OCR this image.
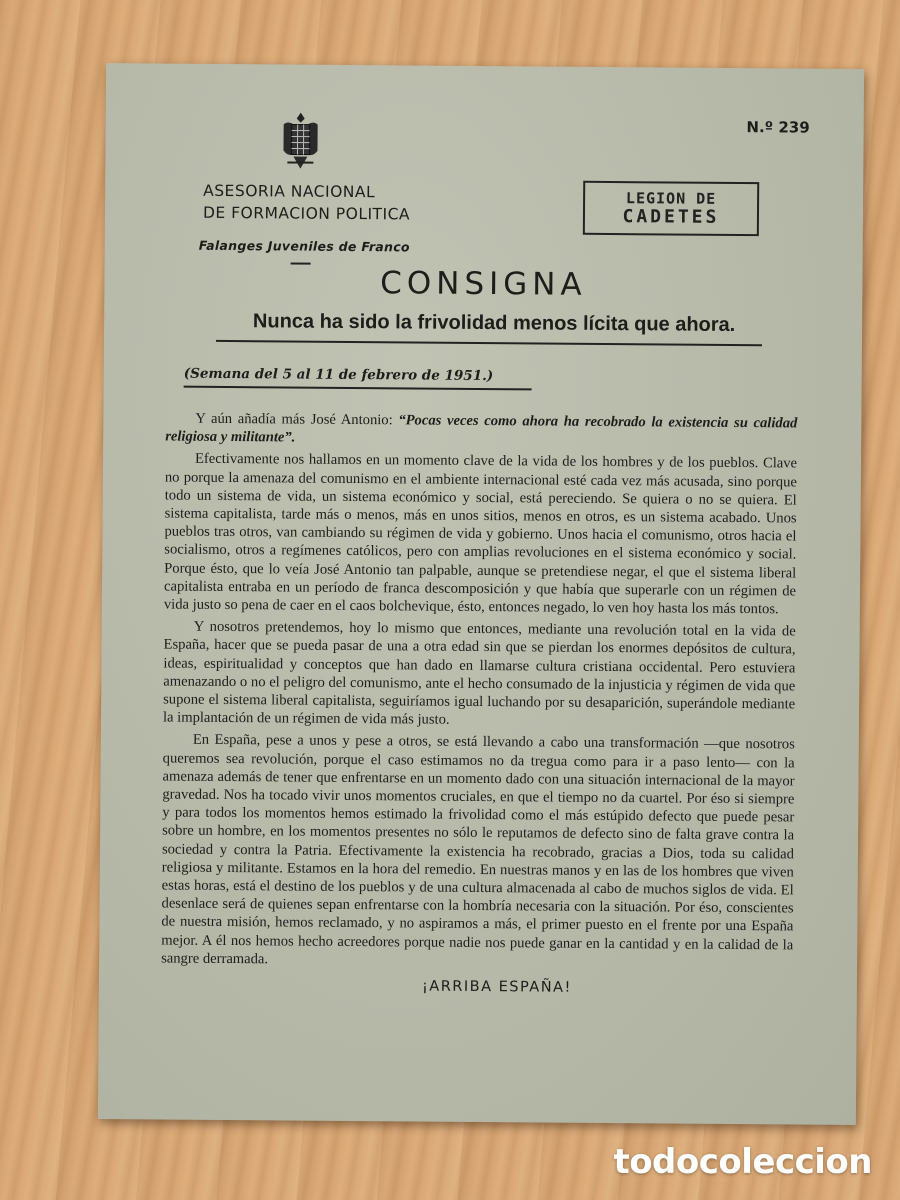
N.º 239
ASESORIA NACIONAL
DE FORMACION POLITICA
Falanges Juveniles de Franco
LEGION DE
CADETES
CONSIGNA
Nunca ha sido la frivolidad menos lícita que ahora.
(Semana del 5 al 11 de febrero de 1951.)

Y aún añadía más José Antonio: “Pocas veces como ahora ha recobrado la existencia su calidad religiosa y militante”.

Efectivamente nos hallamos en un momento clave de la vida de los hombres y de los pueblos. Clave no porque la amenaza del comunismo en el ambiente internacional esté cada vez más acusada, sino porque todo un sistema de vida, un sistema económico y social, está pereciendo. Se quiera o no se quiera. El sistema capitalista, tarde más o menos, más en unos sitios, menos en otros, es un sistema acabado. Unos pueblos tras otros, van cambiando su régimen de vida y gobierno. Unos hacia el comunismo, otros hacia el socialismo, otros a regímenes católicos, pero con amplias revoluciones en el sistema económico y social. Porque ésto, que lo veía José Antonio tan palpable, aunque se pretendiese negar, el que el sistema liberal capitalista entraba en un período de franca descomposición y que había que superarle con un régimen de vida justo so pena de caer en el caos bolchevique, ésto, entonces negado, lo ven hoy hasta los más tontos.

Y nosotros pretendemos, hoy lo mismo que entonces, mediante una revolución total en la vida de España, hacer que se pueda pasar de una a otra edad sin que se pierdan los enormes depósitos de cultura, ideas, espiritualidad y conceptos que han dado en llamarse cultura cristiana occidental. Pero estuviera amenazando o no el peligro del comunismo, ante el hecho consumado de la injusticia y régimen de vida que supone el sistema liberal capitalista, seguiríamos igual luchando por su desaparición, superándole mediante la implantación de un régimen de vida más justo.

En España, pese a unos y pese a otros, se está llevando a cabo una transformación —que nosotros queremos sea revolución, porque el caso estimamos no da tregua como para ir a paso lento— con la amenaza además de tener que enfrentarse en un momento dado con una situación internacional de la mayor gravedad. Nos ha tocado vivir unos momentos cruciales, en que el tiempo no da cuartel. Por éso si siempre y para todos los momentos hemos estimado la frivolidad como el más estúpido defecto que puede pesar sobre un hombre, en los momentos presentes no sólo le reputamos de defecto sino de falta grave contra la sociedad y contra la Patria. Efectivamente la existencia ha recobrado, gracias a Dios, toda su calidad religiosa y militante. Estamos en la hora del remedio. En nuestras manos y en las de los hombres que viven estas horas, está el destino de los pueblos y de una cultura almacenada al cabo de muchos siglos de vida. El desenlace será de quienes sepan enfrentarse con la hombría necesaria con la situación. Por éso, conscientes de nuestra misión, hemos reclamado, y no aspiramos a más, el primer puesto en el frente por una España mejor. A él nos hemos hecho acreedores porque nadie nos puede ganar en la cantidad y en la calidad de la sangre derramada.

¡ARRIBA ESPAÑA!
todocoleccion
